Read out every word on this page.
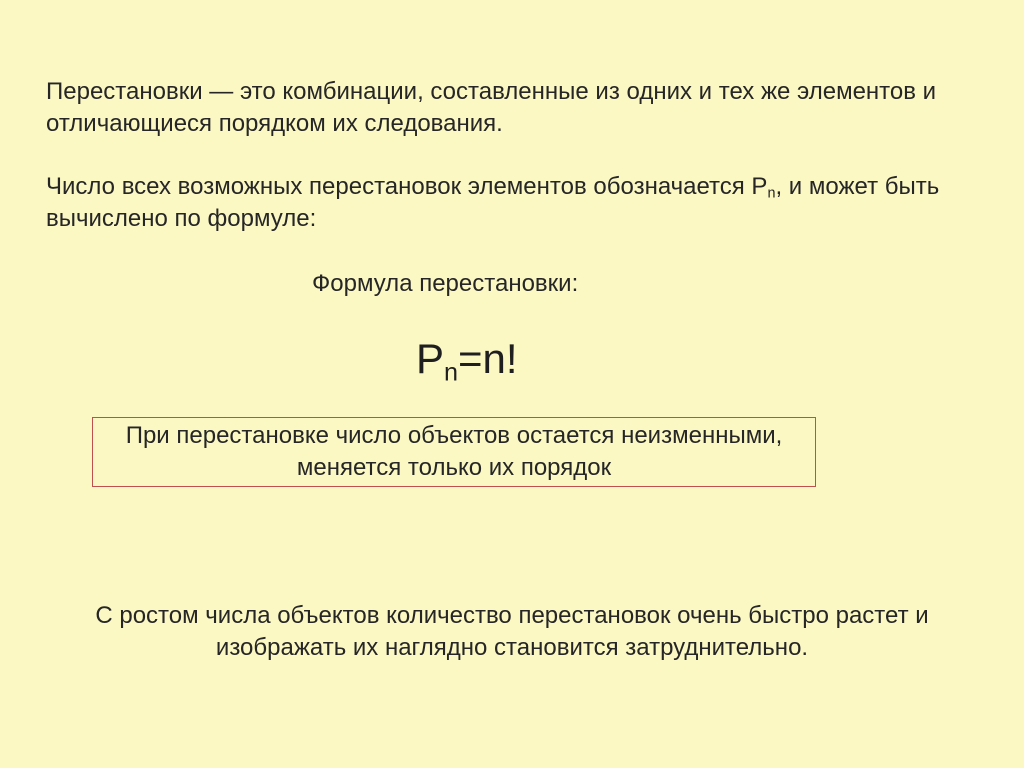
Перестановки — это комбинации, составленные из одних и тех же элементов и отличающиеся порядком их следования.

Число всех возможных перестановок элементов обозначается $Р_n$, и может быть вычислено по формуле:

Формула перестановки:
$P_n=n$!
При перестановке число объектов остается неизменными, меняется только их порядок

С ростом числа объектов количество перестановок очень быстро растет и изображать их наглядно становится затруднительно.
